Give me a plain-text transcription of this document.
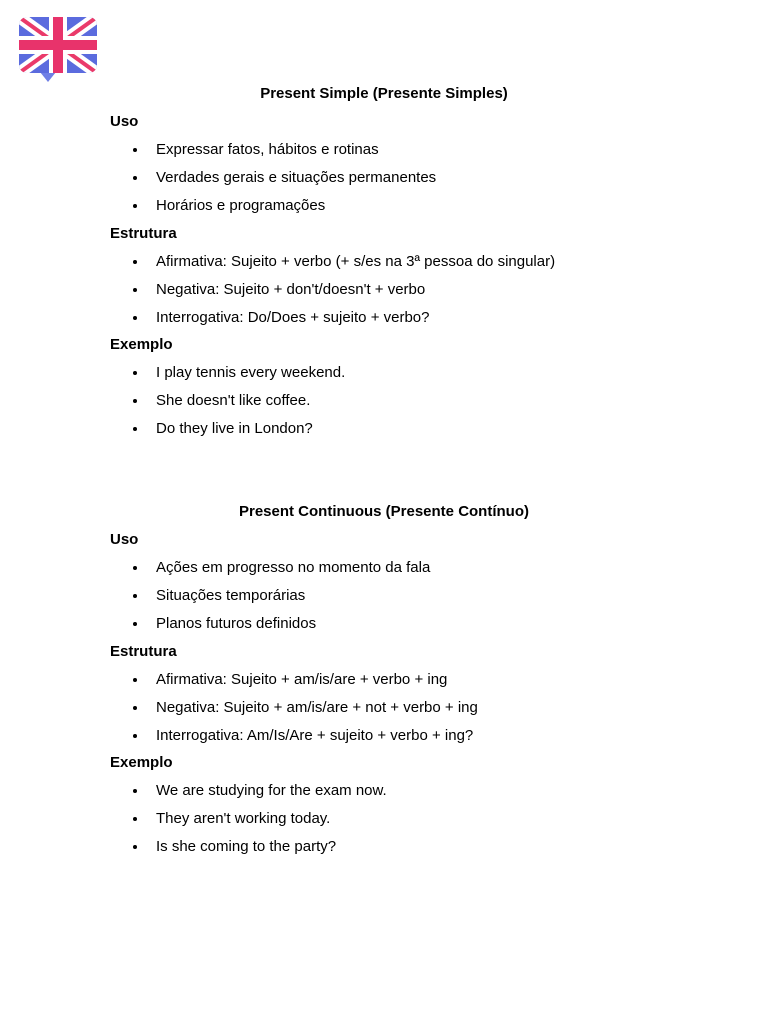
Present Simple (Presente Simples)

Uso

Expressar fatos, hábitos e rotinas
Verdades gerais e situações permanentes
Horários e programações

Estrutura

Afirmativa: Sujeito + verbo (+ s/es na 3ª pessoa do singular)
Negativa: Sujeito + don't/doesn't + verbo
Interrogativa: Do/Does + sujeito + verbo?

Exemplo

I play tennis every weekend.
She doesn't like coffee.
Do they live in London?

Present Continuous (Presente Contínuo)

Uso

Ações em progresso no momento da fala
Situações temporárias
Planos futuros definidos

Estrutura

Afirmativa: Sujeito + am/is/are + verbo + ing
Negativa: Sujeito + am/is/are + not + verbo + ing
Interrogativa: Am/Is/Are + sujeito + verbo + ing?

Exemplo

We are studying for the exam now.
They aren't working today.
Is she coming to the party?
